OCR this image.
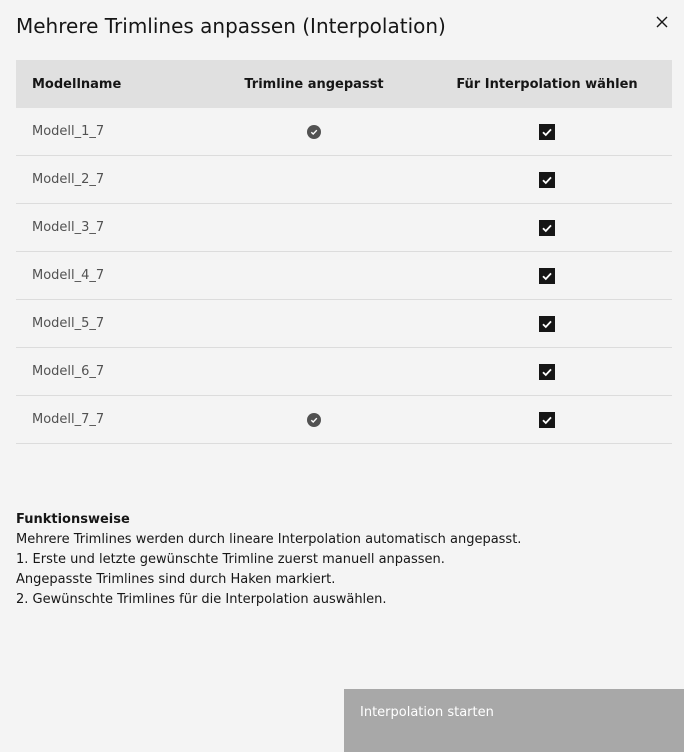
Mehrere Trimlines anpassen (Interpolation)
Modellname	Trimline angepasst	Für Interpolation wählen
Modell_1_7
Modell_2_7
Modell_3_7
Modell_4_7
Modell_5_7
Modell_6_7
Modell_7_7
Funktionsweise
Mehrere Trimlines werden durch lineare Interpolation automatisch angepasst.
1. Erste und letzte gewünschte Trimline zuerst manuell anpassen.
Angepasste Trimlines sind durch Haken markiert.
2. Gewünschte Trimlines für die Interpolation auswählen.
Interpolation starten
